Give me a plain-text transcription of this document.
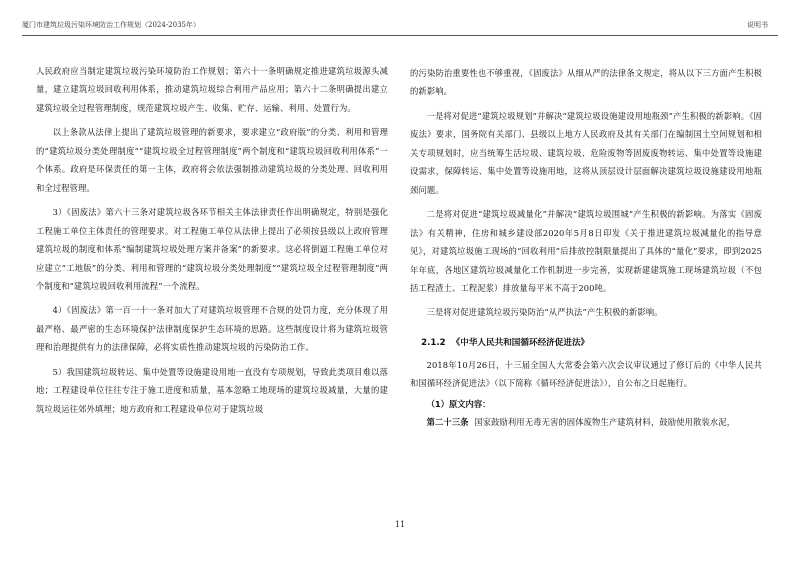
厦门市建筑垃圾污染环境防治工作规划（2024-2035年）	说明书

人民政府应当制定建筑垃圾污染环境防治工作规划；第六十一条明确规定推进建筑垃圾源头减量，建立建筑垃圾回收利用体系，推动建筑垃圾综合利用产品应用；第六十二条明确提出建立建筑垃圾全过程管理制度，规范建筑垃圾产生、收集、贮存、运输、利用、处置行为。

以上条款从法律上提出了建筑垃圾管理的新要求，要求建立“政府版”的分类、利用和管理的“建筑垃圾分类处理制度”“建筑垃圾全过程管理制度”两个制度和“建筑垃圾回收利用体系”一个体系。政府是环保责任的第一主体，政府将会依法强制推动建筑垃圾的分类处理、回收利用和全过程管理。

3）《固废法》第六十三条对建筑垃圾各环节相关主体法律责任作出明确规定，特别是强化工程施工单位主体责任的管理要求。对工程施工单位从法律上提出了必须按县级以上政府管理建筑垃圾的制度和体系“编制建筑垃圾处理方案并备案”的新要求。这必将倒逼工程施工单位对应建立“工地版”的分类、利用和管理的“建筑垃圾分类处理制度”“建筑垃圾全过程管理制度”两个制度和“建筑垃圾回收利用流程”一个流程。

4）《固废法》第一百一十一条对加大了对建筑垃圾管理不合规的处罚力度，充分体现了用最严格、最严密的生态环境保护法律制度保护生态环境的思路。这些制度设计将为建筑垃圾管理和治理提供有力的法律保障，必将实质性推动建筑垃圾的污染防治工作。

5）我国建筑垃圾转运、集中处置等设施建设用地一直没有专项规划，导致此类项目难以落地；工程建设单位往往专注于施工进度和质量，基本忽略工地现场的建筑垃圾减量，大量的建筑垃圾运往郊外填埋；地方政府和工程建设单位对于建筑垃圾

的污染防治重要性也不够重视，《固废法》从细从严的法律条文规定，将从以下三方面产生积极的新影响。

一是将对促进“建筑垃圾规划”并解决“建筑垃圾设施建设用地瓶颈”产生积极的新影响。《固废法》要求，国务院有关部门、县级以上地方人民政府及其有关部门在编制国土空间规划和相关专项规划时，应当统筹生活垃圾、建筑垃圾、危险废物等固废废物转运、集中处置等设施建设需求，保障转运、集中处置等设施用地，这将从顶层设计层面解决建筑垃圾设施建设用地瓶颈问题。

二是将对促进“建筑垃圾减量化”并解决“建筑垃圾围城”产生积极的新影响。为落实《固废法》有关精神，住房和城乡建设部2020年5月8日印发《关于推进建筑垃圾减量化的指导意见》，对建筑垃圾施工现场的“回收利用”后排放控制限量提出了具体的“量化”要求，即到2025年年底，各地区建筑垃圾减量化工作机制进一步完善，实现新建建筑施工现场建筑垃圾（不包括工程渣土、工程泥浆）排放量每平米不高于200吨。

三是将对促进建筑垃圾污染防治“从严执法”产生积极的新影响。

2.1.2 《中华人民共和国循环经济促进法》

2018年10月26日，十三届全国人大常委会第六次会议审议通过了修订后的《中华人民共和国循环经济促进法》（以下简称《循环经济促进法》），自公布之日起施行。

（1）原文内容：

第二十三条 国家鼓励利用无毒无害的固体废物生产建筑材料，鼓励使用散装水泥，

11
